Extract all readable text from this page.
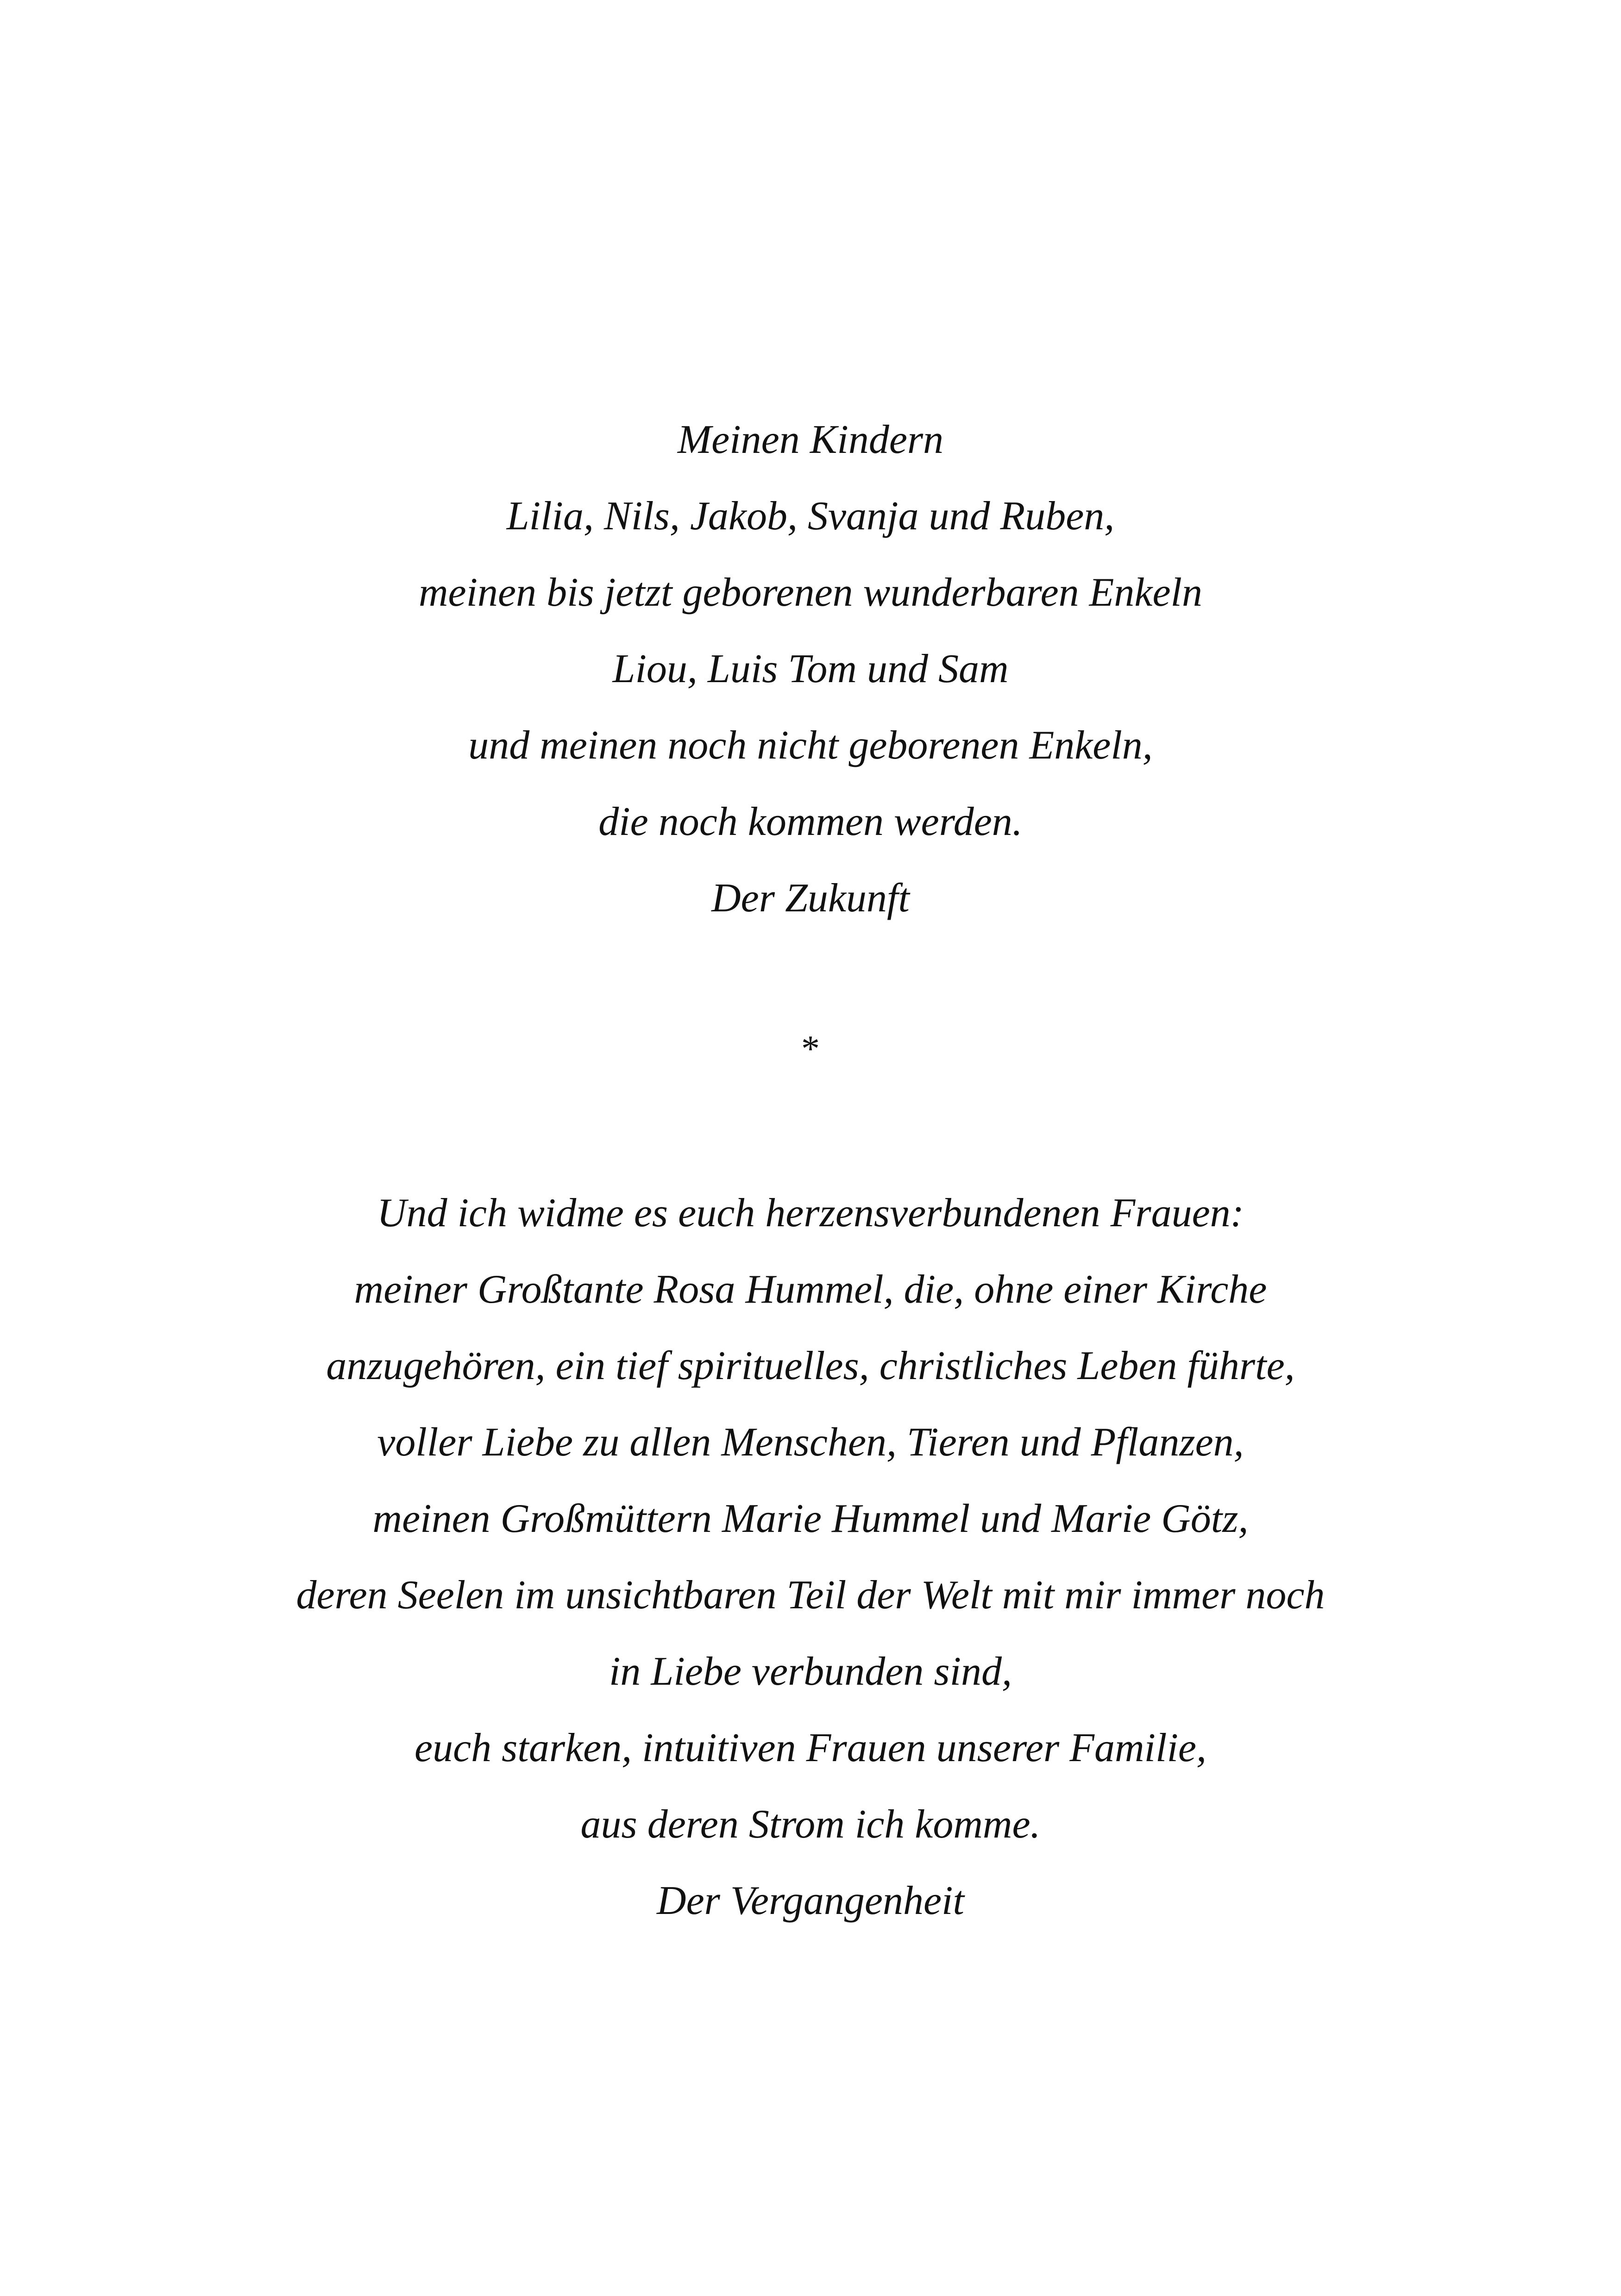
Meinen Kindern
Lilia, Nils, Jakob, Svanja und Ruben,
meinen bis jetzt geborenen wunderbaren Enkeln
Liou, Luis Tom und Sam
und meinen noch nicht geborenen Enkeln,
die noch kommen werden.
Der Zukunft
*
Und ich widme es euch herzensverbundenen Frauen:
meiner Großtante Rosa Hummel, die, ohne einer Kirche
anzugehören, ein tief spirituelles, christliches Leben führte,
voller Liebe zu allen Menschen, Tieren und Pflanzen,
meinen Großmüttern Marie Hummel und Marie Götz,
deren Seelen im unsichtbaren Teil der Welt mit mir immer noch
in Liebe verbunden sind,
euch starken, intuitiven Frauen unserer Familie,
aus deren Strom ich komme.
Der Vergangenheit
